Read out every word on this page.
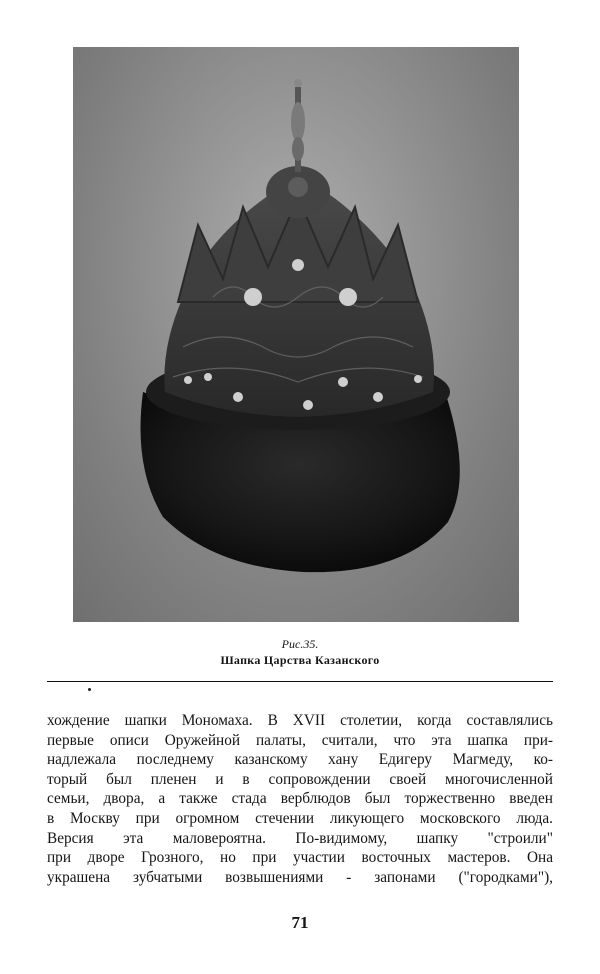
Рис.35.
Шапка Царства Казанского
хождение шапки Мономаха. В XVII столетии, когда составлялись
первые описи Оружейной палаты, считали, что эта шапка при-
надлежала последнему казанскому хану Едигеру Магмеду, ко-
торый был пленен и в сопровождении своей многочисленной
семьи, двора, а также стада верблюдов был торжественно введен
в Москву при огромном стечении ликующего московского люда.
Версия эта маловероятна. По-видимому, шапку "строили"
при дворе Грозного, но при участии восточных мастеров. Она
украшена зубчатыми возвышениями - запонами ("городками"),
71
